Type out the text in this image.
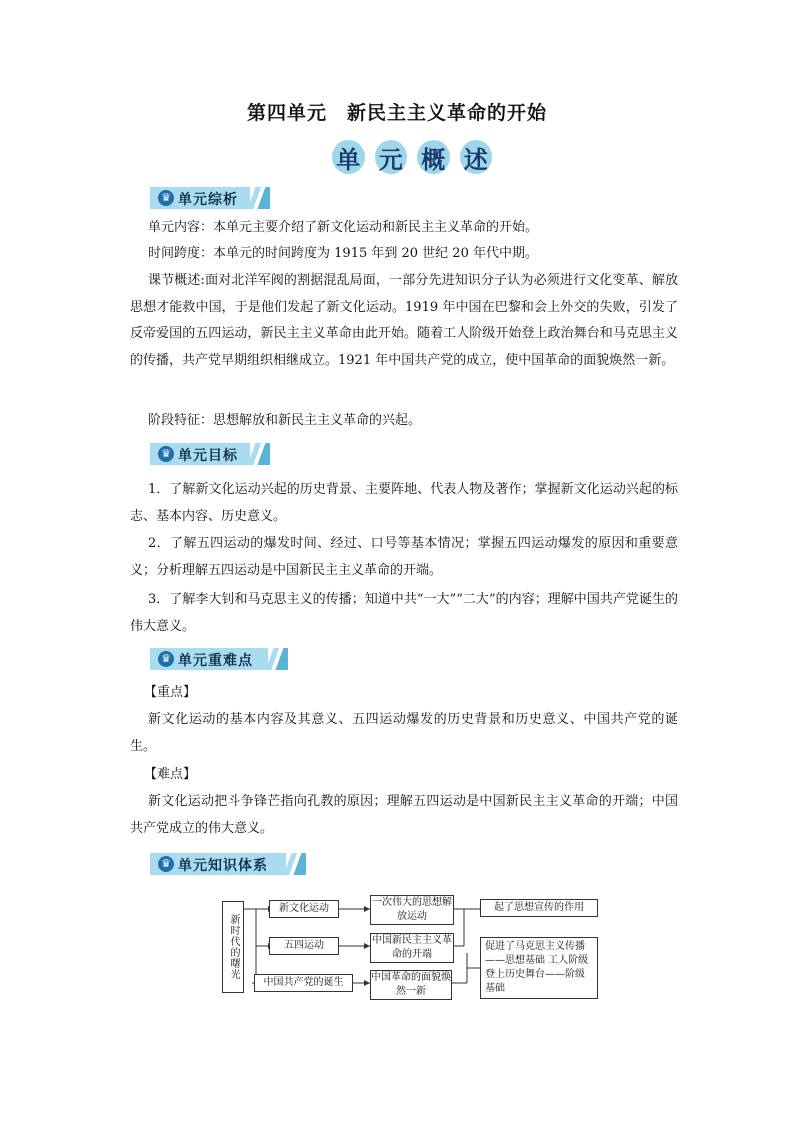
第四单元　新民主主义革命的开始
单 元 概 述
♛ 单元综析
单元内容：本单元主要介绍了新文化运动和新民主主义革命的开始。
时间跨度：本单元的时间跨度为 1915 年到 20 世纪 20 年代中期。
课节概述:面对北洋军阀的割据混乱局面，一部分先进知识分子认为必须进行文化变革、解放思想才能救中国，于是他们发起了新文化运动。1919 年中国在巴黎和会上外交的失败，引发了反帝爱国的五四运动，新民主主义革命由此开始。随着工人阶级开始登上政治舞台和马克思主义的传播，共产党早期组织相继成立。1921 年中国共产党的成立，使中国革命的面貌焕然一新。
阶段特征：思想解放和新民主主义革命的兴起。
♛ 单元目标
1．了解新文化运动兴起的历史背景、主要阵地、代表人物及著作；掌握新文化运动兴起的标志、基本内容、历史意义。
2．了解五四运动的爆发时间、经过、口号等基本情况；掌握五四运动爆发的原因和重要意义；分析理解五四运动是中国新民主主义革命的开端。
3．了解李大钊和马克思主义的传播；知道中共“一大”“二大”的内容；理解中国共产党诞生的伟大意义。
♛ 单元重难点
【重点】
新文化运动的基本内容及其意义、五四运动爆发的历史背景和历史意义、中国共产党的诞生。
【难点】
新文化运动把斗争锋芒指向孔教的原因；理解五四运动是中国新民主主义革命的开端；中国共产党成立的伟大意义。
♛ 单元知识体系
新时代的曙光
新文化运动
五四运动
中国共产党的诞生
一次伟大的思想解放运动
中国新民主主义革命的开端
中国革命的面貌焕然一新
起了思想宣传的作用
促进了马克思主义传播——思想基础 工人阶级登上历史舞台——阶级基础
